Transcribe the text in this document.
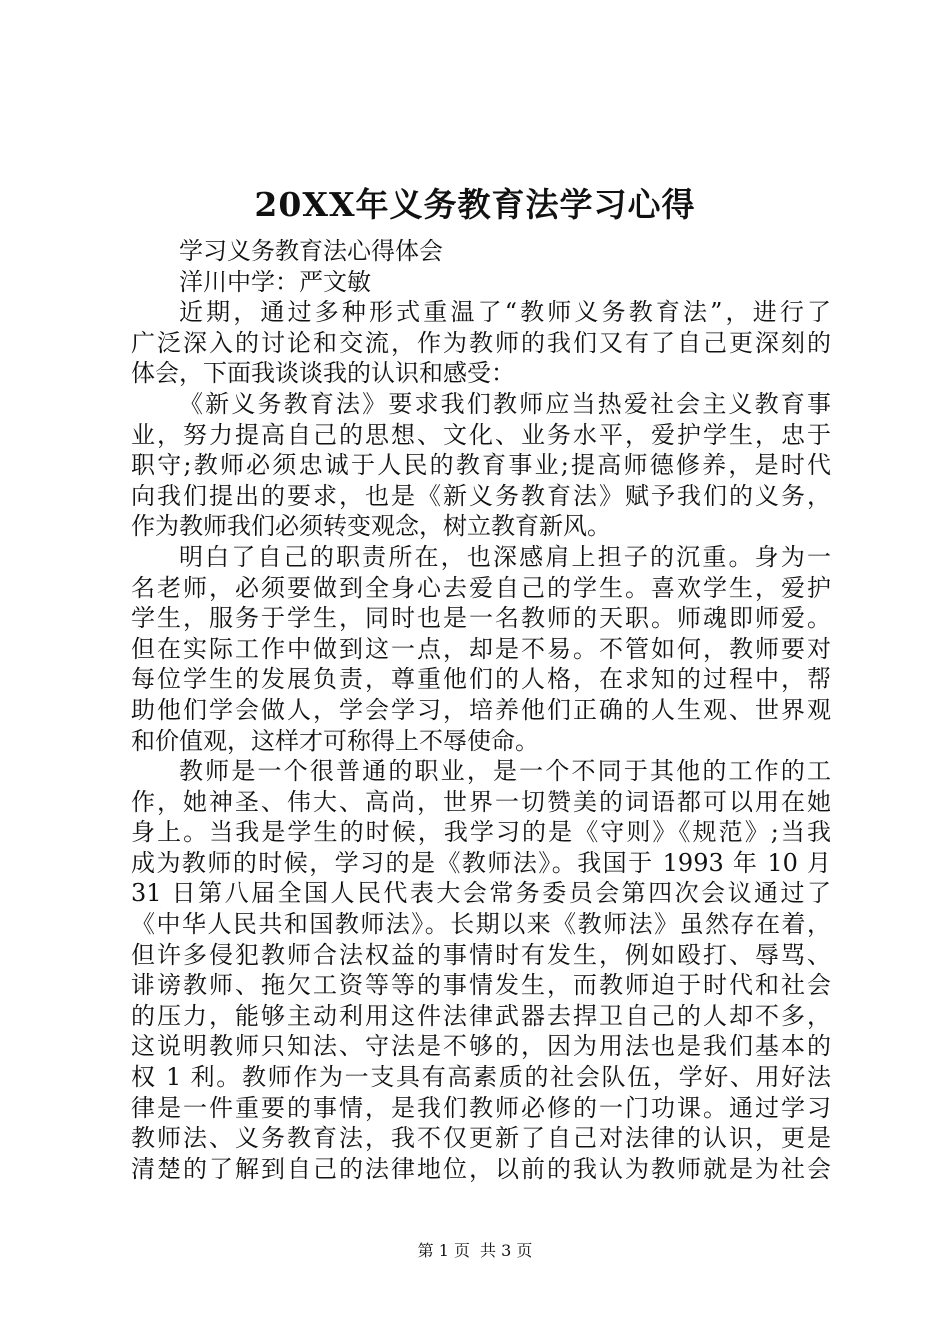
20XX年义务教育法学习心得

学习义务教育法心得体会

洋川中学：严文敏

近期，通过多种形式重温了“教师义务教育法”，进行了

广泛深入的讨论和交流，作为教师的我们又有了自己更深刻的

体会，下面我谈谈我的认识和感受：

《新义务教育法》要求我们教师应当热爱社会主义教育事

业，努力提高自己的思想、文化、业务水平，爱护学生，忠于

职守;教师必须忠诚于人民的教育事业;提高师德修养，是时代

向我们提出的要求，也是《新义务教育法》赋予我们的义务，

作为教师我们必须转变观念，树立教育新风。

明白了自己的职责所在，也深感肩上担子的沉重。身为一

名老师，必须要做到全身心去爱自己的学生。喜欢学生，爱护

学生，服务于学生，同时也是一名教师的天职。师魂即师爱。

但在实际工作中做到这一点，却是不易。不管如何，教师要对

每位学生的发展负责，尊重他们的人格，在求知的过程中，帮

助他们学会做人，学会学习，培养他们正确的人生观、世界观

和价值观，这样才可称得上不辱使命。

教师是一个很普通的职业，是一个不同于其他的工作的工

作，她神圣、伟大、高尚，世界一切赞美的词语都可以用在她

身上。当我是学生的时候，我学习的是《守则》《规范》;当我

成为教师的时候，学习的是《教师法》。我国于 1993 年 10 月

31 日第八届全国人民代表大会常务委员会第四次会议通过了

《中华人民共和国教师法》。长期以来《教师法》虽然存在着，

但许多侵犯教师合法权益的事情时有发生，例如殴打、辱骂、

诽谤教师、拖欠工资等等的事情发生，而教师迫于时代和社会

的压力，能够主动利用这件法律武器去捍卫自己的人却不多，

这说明教师只知法、守法是不够的，因为用法也是我们基本的

权 1 利。教师作为一支具有高素质的社会队伍，学好、用好法

律是一件重要的事情，是我们教师必修的一门功课。通过学习

教师法、义务教育法，我不仅更新了自己对法律的认识，更是

清楚的了解到自己的法律地位，以前的我认为教师就是为社会

第 1 页 共 3 页
